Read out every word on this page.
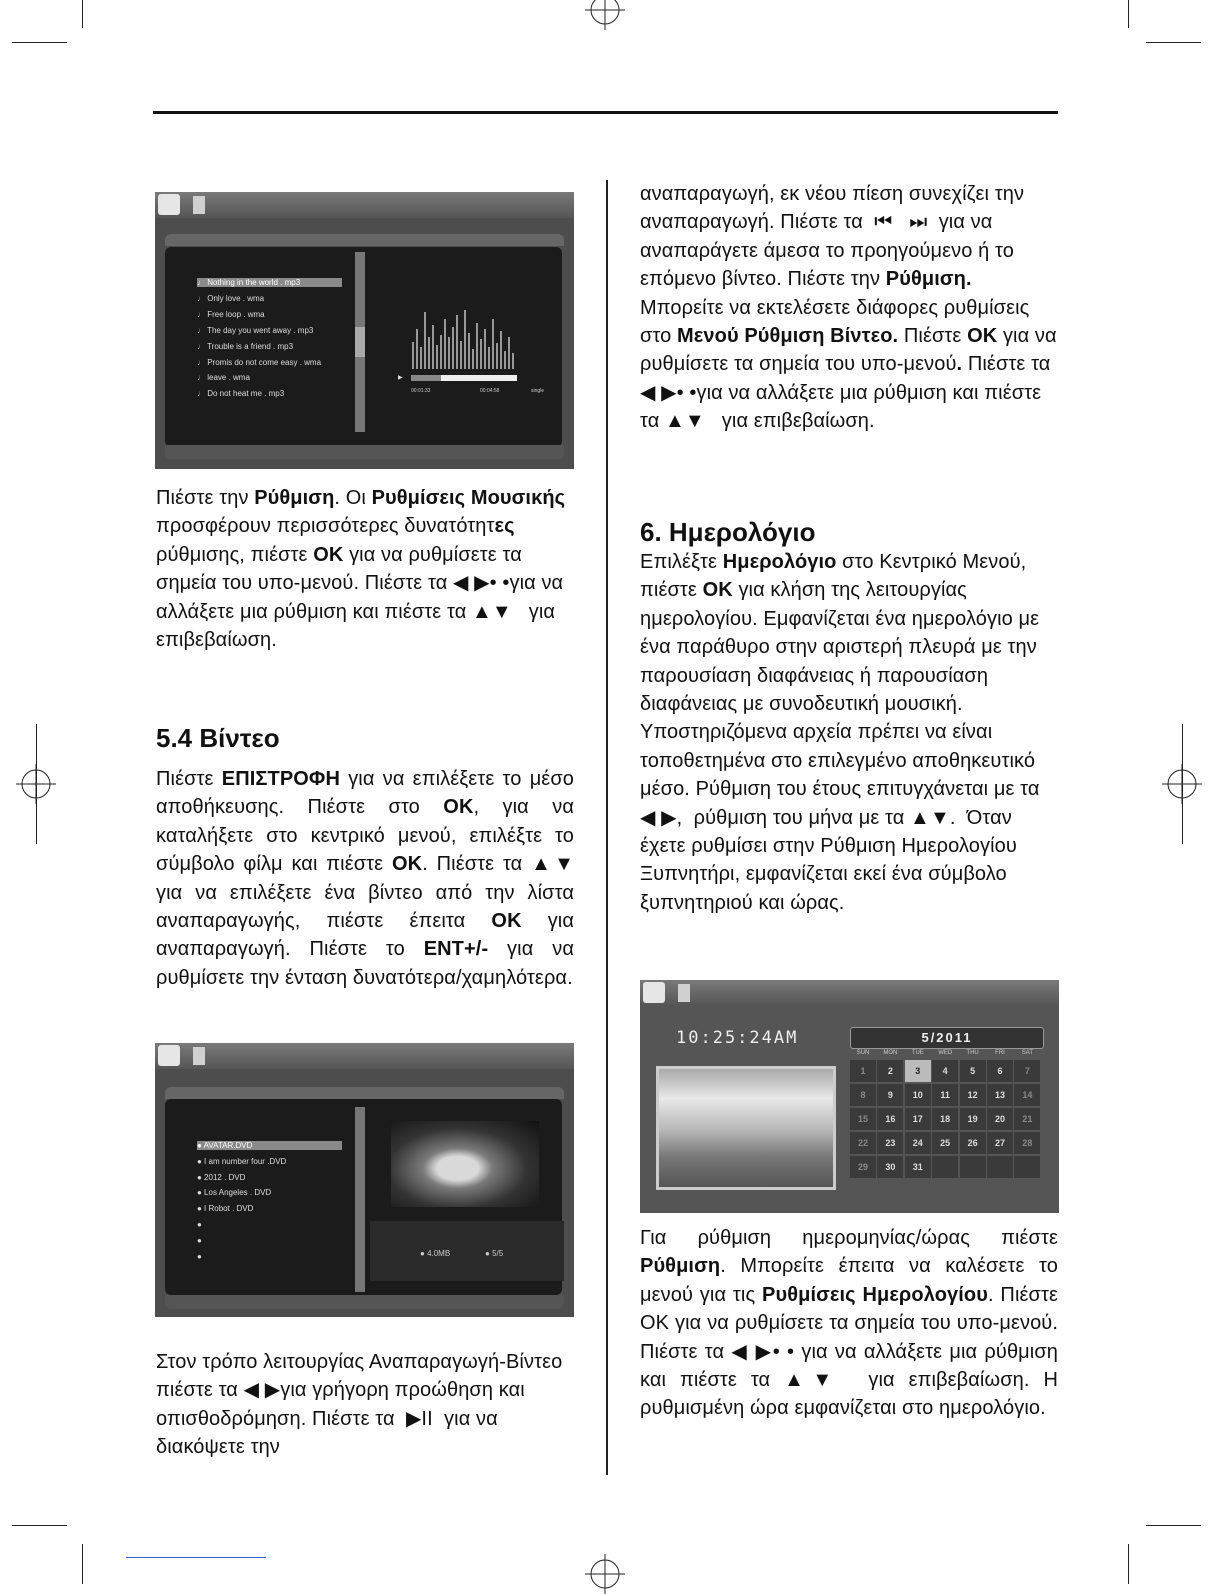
▶
00:01:33	00:04:58	single
♩ Nothing in the world . mp3
♩ Only love . wma
♩ Free loop . wma
♩ The day you went away . mp3
♩ Trouble is a friend . mp3
♩ Promis do not come easy . wma
♩ leave . wma
♩ Do not heat me . mp3

Πιέστε την Ρύθμιση. Οι Ρυθμίσεις Μουσικής προσφέρουν περισσότερες δυνατότητες ρύθμισης, πιέστε OK για να ρυθμίσετε τα σημεία του υπο-μενού. Πιέστε τα ◀ ▶• •για να αλλάξετε μια ρύθμιση και πιέστε τα ▲▼   για επιβεβαίωση.

5.4 Βίντεο

Πιέστε ΕΠΙΣΤΡΟΦΗ για να επιλέξετε το μέσο αποθήκευσης. Πιέστε στο OK, για να καταλήξετε στο κεντρικό μενού, επιλέξτε το σύμβολο φίλμ και πιέστε OK. Πιέστε τα ▲▼ για να επιλέξετε ένα βίντεο από την λίστα αναπαραγωγής, πιέστε έπειτα OK για αναπαραγωγή. Πιέστε το ENT+/- για να ρυθμίσετε την ένταση δυνατότερα/χαμηλότερα.

● 4.0MB	● 5/5
● AVATAR.DVD
● I am number four .DVD
● 2012 . DVD
● Los Angeles . DVD
● I Robot . DVD
●
●
●

Στον τρόπο λειτουργίας Αναπαραγωγή-Βίντεο πιέστε τα ◀ ▶για γρήγορη προώθηση και οπισθοδρόμηση. Πιέστε τα  ▶II  για να διακόψετε την

αναπαραγωγή, εκ νέου πίεση συνεχίζει την αναπαραγωγή. Πιέστε τα  ⏮   ⏭  για να αναπαράγετε άμεσα το προηγούμενο ή το επόμενο βίντεο. Πιέστε την Ρύθμιση. Μπορείτε να εκτελέσετε διάφορες ρυθμίσεις στο Μενού Ρύθμιση Βίντεο. Πιέστε OK για να ρυθμίσετε τα σημεία του υπο-μενού. Πιέστε τα ◀ ▶• •για να αλλάξετε μια ρύθμιση και πιέστε τα ▲▼   για επιβεβαίωση.

6. Ημερολόγιο

Επιλέξτε Ημερολόγιο στο Κεντρικό Μενού, πιέστε OK για κλήση της λειτουργίας ημερολογίου. Εμφανίζεται ένα ημερολόγιο με ένα παράθυρο στην αριστερή πλευρά με την παρουσίαση διαφάνειας ή παρουσίαση διαφάνειας με συνοδευτική μουσική. Υποστηριζόμενα αρχεία πρέπει να είναι τοποθετημένα στο επιλεγμένο αποθηκευτικό μέσο. Ρύθμιση του έτους επιτυγχάνεται με τα ◀ ▶,  ρύθμιση του μήνα με τα ▲▼.  Όταν έχετε ρυθμίσει στην Ρύθμιση Ημερολογίου Ξυπνητήρι, εμφανίζεται εκεί ένα σύμβολο ξυπνητηριού και ώρας.

10:25:24AM	5/2011
SUN	MON	TUE	WED	THU	FRI	SAT
1	2	3	4	5	6	7
8	9	10	11	12	13	14
15	16	17	18	19	20	21
22	23	24	25	26	27	28
29	30	31

Για ρύθμιση ημερομηνίας/ώρας πιέστε Ρύθμιση. Μπορείτε έπειτα να καλέσετε το μενού για τις Ρυθμίσεις Ημερολογίου. Πιέστε OK για να ρυθμίσετε τα σημεία του υπο-μενού. Πιέστε τα ◀ ▶• • για να αλλάξετε μια ρύθμιση και πιέστε τα ▲▼  για επιβεβαίωση. Η ρυθμισμένη ώρα εμφανίζεται στο ημερολόγιο.
